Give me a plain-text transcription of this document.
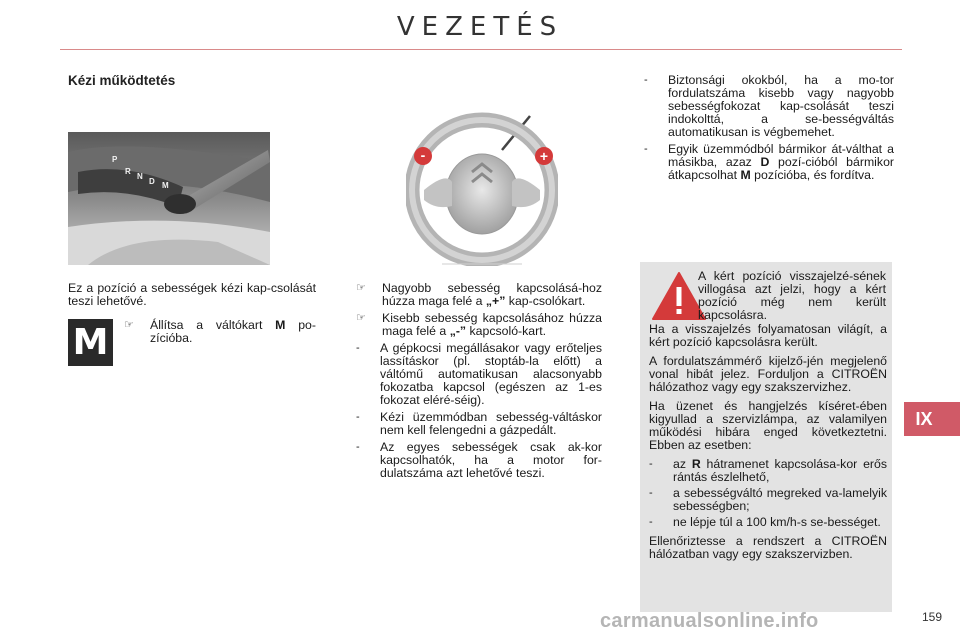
VEZETÉS
Kézi működtetés
P
R
N
D M
-	+

Ez a pozíció a sebességek kézi kap-csolását teszi lehetővé.

M	☞	Állítsa a váltókart M po-zícióba.
☞	Nagyobb sebesség kapcsolásá-hoz húzza maga felé a „+” kap-csolókart.
☞	Kisebb sebesség kapcsolásához húzza maga felé a „-” kapcsoló-kart.
-	A gépkocsi megállásakor vagy erőteljes lassításkor (pl. stoptáb-la előtt) a váltómű automatikusan alacsonyabb fokozatba kapcsol (egészen az 1-es fokozat eléré-séig).
-	Kézi üzemmódban sebesség-váltáskor nem kell felengedni a gázpedált.
-	Az egyes sebességek csak ak-kor kapcsolhatók, ha a motor for-dulatszáma azt lehetővé teszi.
-	Biztonsági okokból, ha a mo-tor fordulatszáma kisebb vagy nagyobb sebességfokozat kap-csolását teszi indokolttá, a se-bességváltás automatikusan is végbemehet.
-	Egyik üzemmódból bármikor át-válthat a másikba, azaz D pozí-cióból bármikor átkapcsolhat M pozícióba, és fordítva.

A kért pozíció visszajelzé-sének villogása azt jelzi, hogy a kért pozíció még nem került kapcsolásra.

Ha a visszajelzés folyamatosan világít, a kért pozíció kapcsolásra került.

A fordulatszámmérő kijelző-jén megjelenő vonal hibát jelez. Forduljon a CITROËN hálózathoz vagy egy szakszervizhez.

Ha üzenet és hangjelzés kíséret-ében kigyullad a szervizlámpa, az valamilyen működési hibára enged következtetni. Ebben az esetben:

-	az R hátramenet kapcsolása-kor erős rántás észlelhető,
-	a sebességváltó megreked va-lamelyik sebességben;
-	ne lépje túl a 100 km/h-s se-bességet.

Ellenőriztesse a rendszert a CITROËN hálózatban vagy egy szakszervizben.

IX
carmanualsonline.info	159
